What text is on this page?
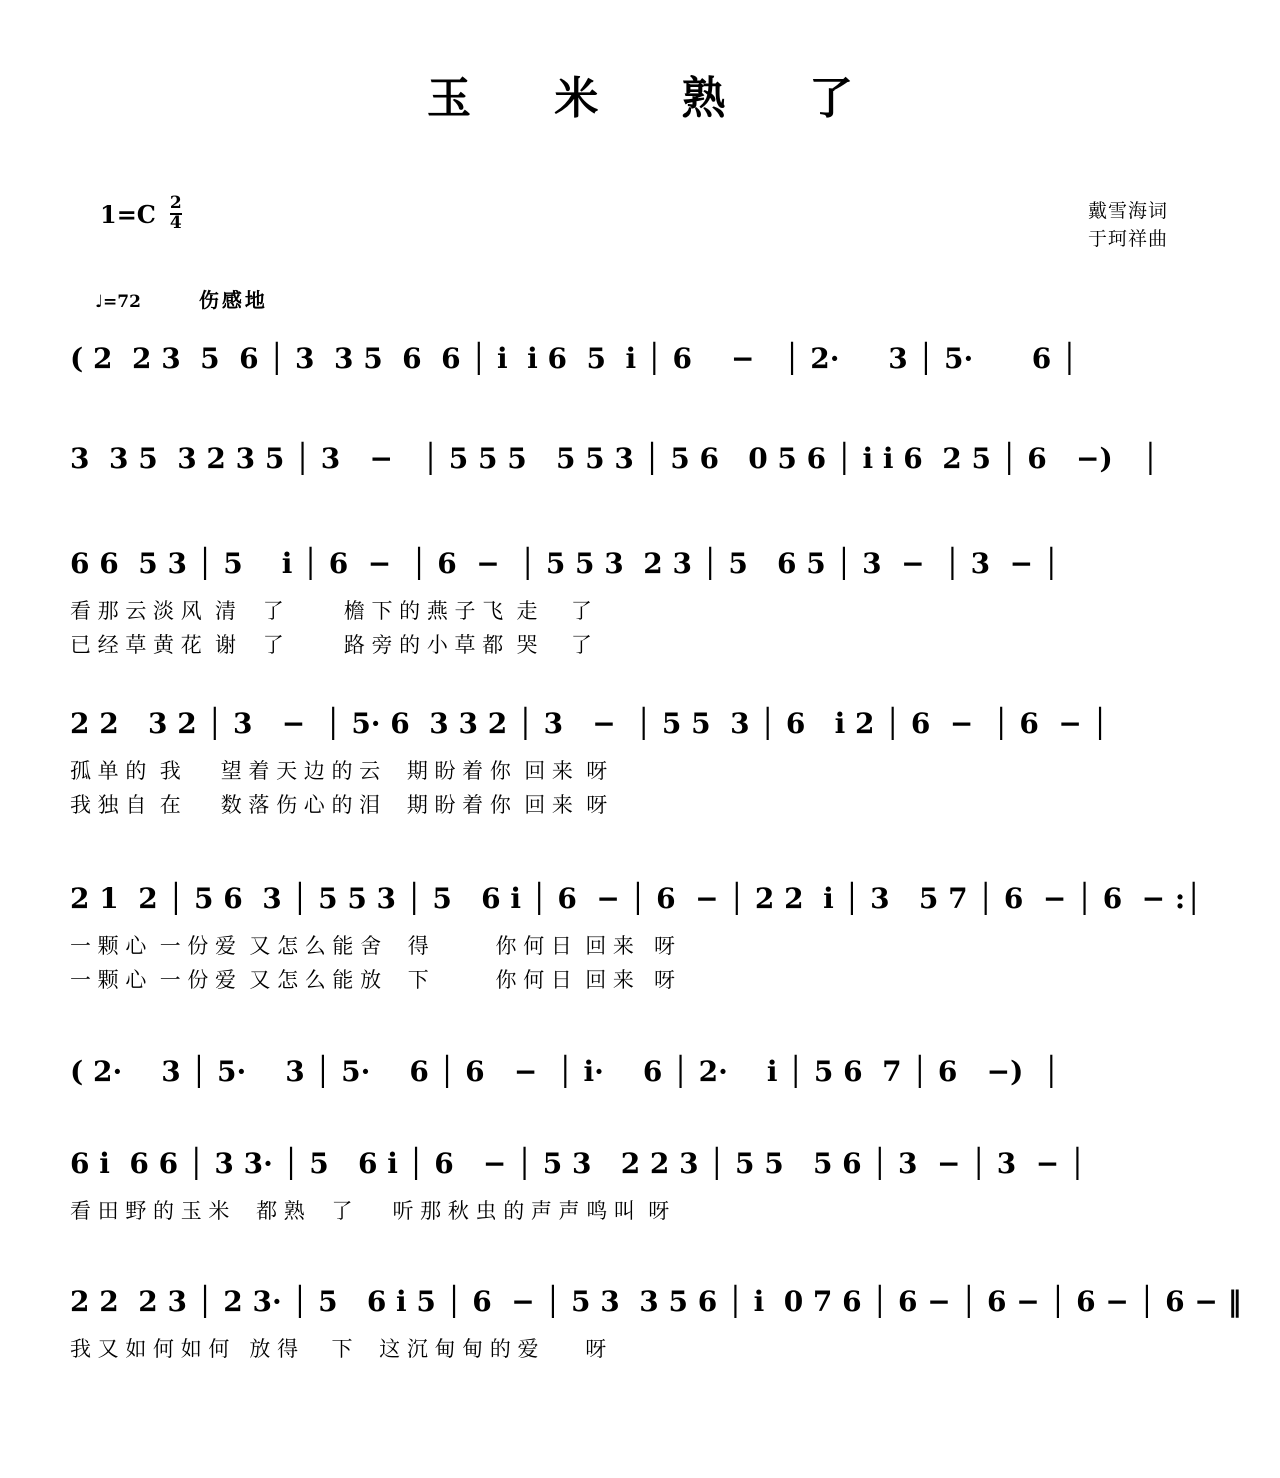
玉 米 熟 了
$1=C \frac{2}{4}$	戴雪海词
于珂祥曲
♩=72	伤感地
( 2  2 3  5  6 │ 3  3 5  6  6 │ i  i 6  5  i │ 6    −   │ 2·     3 │ 5·      6 │
3  3 5  3 2 3 5 │ 3   −   │ 5 5 5   5 5 3 │ 5 6   0 5 6 │ i i 6  2 5 │ 6   −)   │
6 6  5 3 │ 5    i │ 6  −  │ 6  −  │ 5 5 3  2 3 │ 5   6 5 │ 3  −  │ 3  − │
看 那 云 淡 风  清    了         檐 下 的 燕 子 飞  走     了
已 经 草 黄 花  谢    了         路 旁 的 小 草 都  哭     了
2 2   3 2 │ 3   −  │ 5· 6  3 3 2 │ 3   −  │ 5 5  3 │ 6   i 2 │ 6  −  │ 6  − │
孤 单 的  我      望 着 天 边 的 云    期 盼 着 你  回 来  呀
我 独 自  在      数 落 伤 心 的 泪    期 盼 着 你  回 来  呀
2 1  2 │ 5 6  3 │ 5 5 3 │ 5   6 i │ 6  − │ 6  − │ 2 2  i │ 3   5 7 │ 6  − │ 6  − :│
一 颗 心  一 份 爱  又 怎 么 能 舍    得          你 何 日  回 来   呀
一 颗 心  一 份 爱  又 怎 么 能 放    下          你 何 日  回 来   呀
( 2·    3 │ 5·    3 │ 5·    6 │ 6   −  │ i·    6 │ 2·    i │ 5 6  7 │ 6   −)  │
6 i  6 6 │ 3 3· │ 5   6 i │ 6   − │ 5 3   2 2 3 │ 5 5   5 6 │ 3  − │ 3  − │
看 田 野 的 玉 米    都 熟    了      听 那 秋 虫 的 声 声 鸣 叫  呀
2 2  2 3 │ 2 3· │ 5   6 i 5 │ 6  − │ 5 3  3 5 6 │ i  0 7 6 │ 6 − │ 6 − │ 6 − │ 6 − ‖
我 又 如 何 如 何   放 得     下    这 沉 甸 甸 的 爱       呀
